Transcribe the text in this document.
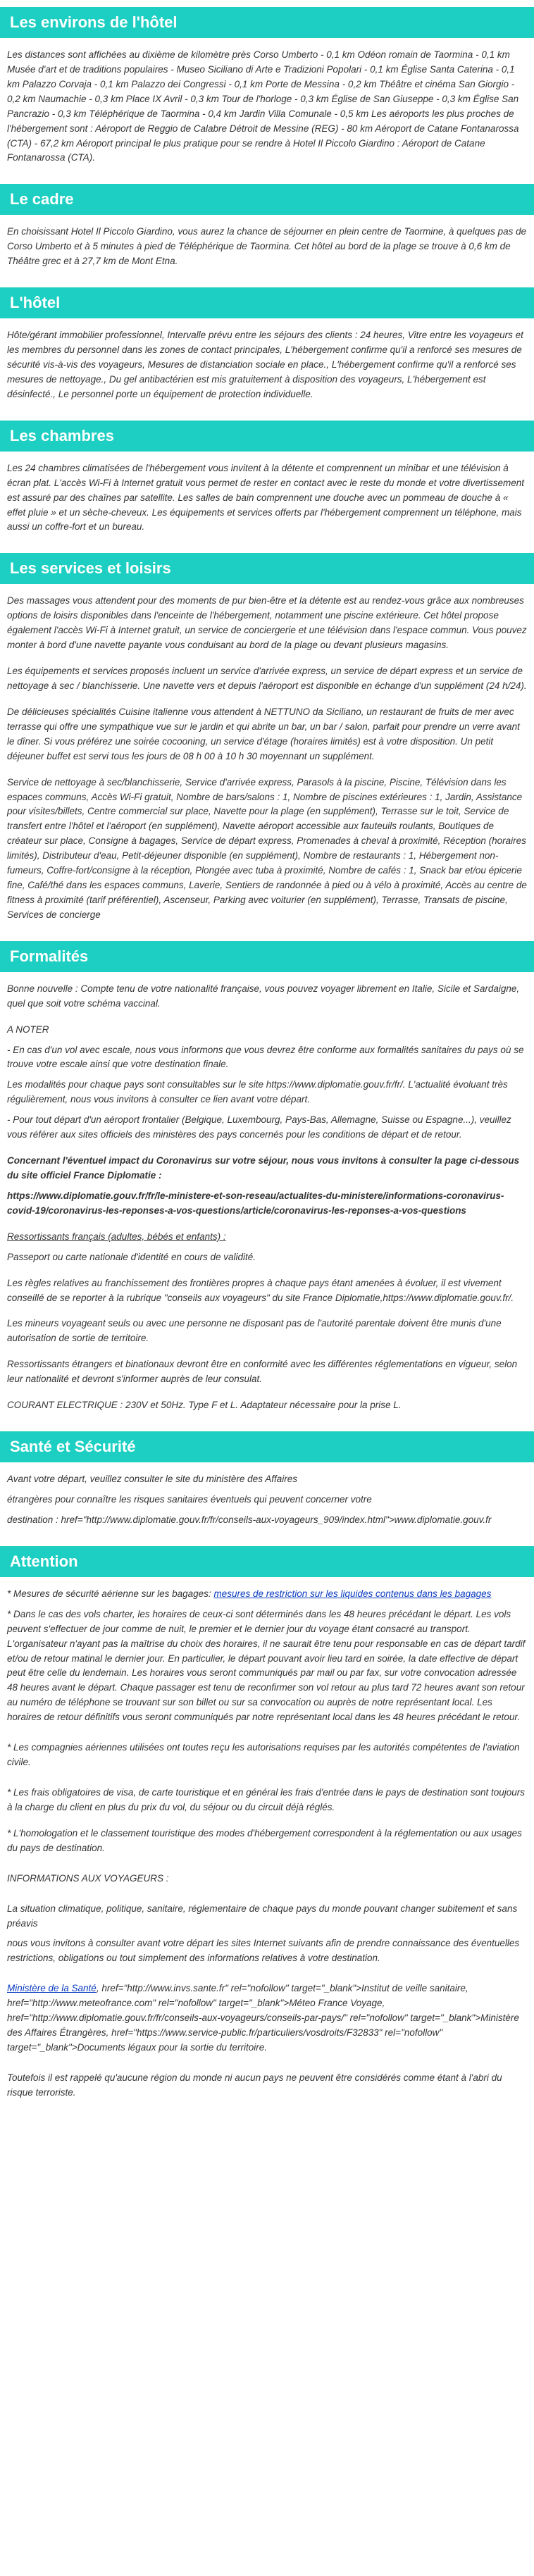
Les environs de l'hôtel

Les distances sont affichées au dixième de kilomètre près Corso Umberto - 0,1 km Odéon romain de Taormina - 0,1 km Musée d'art et de traditions populaires - Museo Siciliano di Arte e Tradizioni Popolari - 0,1 km Église Santa Caterina - 0,1 km Palazzo Corvaja - 0,1 km Palazzo dei Congressi - 0,1 km Porte de Messina - 0,2 km Théâtre et cinéma San Giorgio - 0,2 km Naumachie - 0,3 km Place IX Avril - 0,3 km Tour de l'horloge - 0,3 km Église de San Giuseppe - 0,3 km Église San Pancrazio - 0,3 km Téléphérique de Taormina - 0,4 km Jardin Villa Comunale - 0,5 km Les aéroports les plus proches de l'hébergement sont : Aéroport de Reggio de Calabre Détroit de Messine (REG) - 80 km Aéroport de Catane Fontanarossa (CTA) - 67,2 km Aéroport principal le plus pratique pour se rendre à Hotel Il Piccolo Giardino : Aéroport de Catane Fontanarossa (CTA).

Le cadre

En choisissant Hotel Il Piccolo Giardino, vous aurez la chance de séjourner en plein centre de Taormine, à quelques pas de Corso Umberto et à 5 minutes à pied de Téléphérique de Taormina. Cet hôtel au bord de la plage se trouve à 0,6 km de Théâtre grec et à 27,7 km de Mont Etna.

L'hôtel

Hôte/gérant immobilier professionnel, Intervalle prévu entre les séjours des clients : 24 heures, Vitre entre les voyageurs et les membres du personnel dans les zones de contact principales, L'hébergement confirme qu'il a renforcé ses mesures de sécurité vis-à-vis des voyageurs, Mesures de distanciation sociale en place., L'hébergement confirme qu'il a renforcé ses mesures de nettoyage., Du gel antibactérien est mis gratuitement à disposition des voyageurs, L'hébergement est désinfecté., Le personnel porte un équipement de protection individuelle.

Les chambres

Les 24 chambres climatisées de l'hébergement vous invitent à la détente et comprennent un minibar et une télévision à écran plat. L'accès Wi-Fi à Internet gratuit vous permet de rester en contact avec le reste du monde et votre divertissement est assuré par des chaînes par satellite. Les salles de bain comprennent une douche avec un pommeau de douche à « effet pluie » et un sèche-cheveux. Les équipements et services offerts par l'hébergement comprennent un téléphone, mais aussi un coffre-fort et un bureau.

Les services et loisirs

Des massages vous attendent pour des moments de pur bien-être et la détente est au rendez-vous grâce aux nombreuses options de loisirs disponibles dans l'enceinte de l'hébergement, notamment une piscine extérieure. Cet hôtel propose également l'accès Wi-Fi à Internet gratuit, un service de conciergerie et une télévision dans l'espace commun. Vous pouvez monter à bord d'une navette payante vous conduisant au bord de la plage ou devant plusieurs magasins.

Les équipements et services proposés incluent un service d'arrivée express, un service de départ express et un service de nettoyage à sec / blanchisserie. Une navette vers et depuis l'aéroport est disponible en échange d'un supplément (24 h/24).

De délicieuses spécialités Cuisine italienne vous attendent à NETTUNO da Siciliano, un restaurant de fruits de mer avec terrasse qui offre une sympathique vue sur le jardin et qui abrite un bar, un bar / salon, parfait pour prendre un verre avant le dîner. Si vous préférez une soirée cocooning, un service d'étage (horaires limités) est à votre disposition. Un petit déjeuner buffet est servi tous les jours de 08 h 00 à 10 h 30 moyennant un supplément.

Service de nettoyage à sec/blanchisserie, Service d'arrivée express, Parasols à la piscine, Piscine, Télévision dans les espaces communs, Accès Wi-Fi gratuit, Nombre de bars/salons : 1, Nombre de piscines extérieures : 1, Jardin, Assistance pour visites/billets, Centre commercial sur place, Navette pour la plage (en supplément), Terrasse sur le toit, Service de transfert entre l'hôtel et l'aéroport (en supplément), Navette aéroport accessible aux fauteuils roulants, Boutiques de créateur sur place, Consigne à bagages, Service de départ express, Promenades à cheval à proximité, Réception (horaires limités), Distributeur d'eau, Petit-déjeuner disponible (en supplément), Nombre de restaurants : 1, Hébergement non-fumeurs, Coffre-fort/consigne à la réception, Plongée avec tuba à proximité, Nombre de cafés : 1, Snack bar et/ou épicerie fine, Café/thé dans les espaces communs, Laverie, Sentiers de randonnée à pied ou à vélo à proximité, Accès au centre de fitness à proximité (tarif préférentiel), Ascenseur, Parking avec voiturier (en supplément), Terrasse, Transats de piscine, Services de concierge

Formalités

Bonne nouvelle : Compte tenu de votre nationalité française, vous pouvez voyager librement en Italie, Sicile et Sardaigne, quel que soit votre schéma vaccinal.

A NOTER

- En cas d'un vol avec escale, nous vous informons que vous devrez être conforme aux formalités sanitaires du pays où se trouve votre escale ainsi que votre destination finale.

Les modalités pour chaque pays sont consultables sur le site https://www.diplomatie.gouv.fr/fr/. L'actualité évoluant très régulièrement, nous vous invitons à consulter ce lien avant votre départ.

- Pour tout départ d'un aéroport frontalier (Belgique, Luxembourg, Pays-Bas, Allemagne, Suisse ou Espagne...), veuillez vous référer aux sites officiels des ministères des pays concernés pour les conditions de départ et de retour.

Concernant l'éventuel impact du Coronavirus sur votre séjour, nous vous invitons à consulter la page ci-dessous du site officiel France Diplomatie :

https://www.diplomatie.gouv.fr/fr/le-ministere-et-son-reseau/actualites-du-ministere/informations-coronavirus-covid-19/coronavirus-les-reponses-a-vos-questions/article/coronavirus-les-reponses-a-vos-questions

Ressortissants français (adultes, bébés et enfants) :

Passeport ou carte nationale d'identité en cours de validité.

Les règles relatives au franchissement des frontières propres à chaque pays étant amenées à évoluer, il est vivement conseillé de se reporter à la rubrique "conseils aux voyageurs" du site France Diplomatie,https://www.diplomatie.gouv.fr/.

Les mineurs voyageant seuls ou avec une personne ne disposant pas de l'autorité parentale doivent être munis d'une autorisation de sortie de territoire.

Ressortissants étrangers et binationaux devront être en conformité avec les différentes réglementations en vigueur, selon leur nationalité et devront s'informer auprès de leur consulat.

COURANT ELECTRIQUE : 230V et 50Hz. Type F et L. Adaptateur nécessaire pour la prise L.

Santé et Sécurité

Avant votre départ, veuillez consulter le site du ministère des Affaires

étrangères pour connaître les risques sanitaires éventuels qui peuvent concerner votre

destination : href="http://www.diplomatie.gouv.fr/fr/conseils-aux-voyageurs_909/index.html">www.diplomatie.gouv.fr

Attention

* Mesures de sécurité aérienne sur les bagages: mesures de restriction sur les liquides contenus dans les bagages

* Dans le cas des vols charter, les horaires de ceux-ci sont déterminés dans les 48 heures précédant le départ. Les vols peuvent s'effectuer de jour comme de nuit, le premier et le dernier jour du voyage étant consacré au transport. L'organisateur n'ayant pas la maîtrise du choix des horaires, il ne saurait être tenu pour responsable en cas de départ tardif et/ou de retour matinal le dernier jour. En particulier, le départ pouvant avoir lieu tard en soirée, la date effective de départ peut être celle du lendemain. Les horaires vous seront communiqués par mail ou par fax, sur votre convocation adressée 48 heures avant le départ. Chaque passager est tenu de reconfirmer son vol retour au plus tard 72 heures avant son retour au numéro de téléphone se trouvant sur son billet ou sur sa convocation ou auprès de notre représentant local. Les horaires de retour définitifs vous seront communiqués par notre représentant local dans les 48 heures précédant le retour.

* Les compagnies aériennes utilisées ont toutes reçu les autorisations requises par les autorités compétentes de l'aviation civile.

* Les frais obligatoires de visa, de carte touristique et en général les frais d'entrée dans le pays de destination sont toujours à la charge du client en plus du prix du vol, du séjour ou du circuit déjà réglés.

* L'homologation et le classement touristique des modes d'hébergement correspondent à la réglementation ou aux usages du pays de destination.

INFORMATIONS AUX VOYAGEURS :

La situation climatique, politique, sanitaire, réglementaire de chaque pays du monde pouvant changer subitement et sans préavis

nous vous invitons à consulter avant votre départ les sites Internet suivants afin de prendre connaissance des éventuelles restrictions, obligations ou tout simplement des informations relatives à votre destination.

Ministère de la Santé, href="http://www.invs.sante.fr" rel="nofollow" target="_blank">Institut de veille sanitaire, href="http://www.meteofrance.com" rel="nofollow" target="_blank">Méteo France Voyage, href="http://www.diplomatie.gouv.fr/fr/conseils-aux-voyageurs/conseils-par-pays/" rel="nofollow" target="_blank">Ministère des Affaires Étrangères, href="https://www.service-public.fr/particuliers/vosdroits/F32833" rel="nofollow" target="_blank">Documents légaux pour la sortie du territoire.

Toutefois il est rappelé qu'aucune région du monde ni aucun pays ne peuvent être considérés comme étant à l'abri du risque terroriste.
